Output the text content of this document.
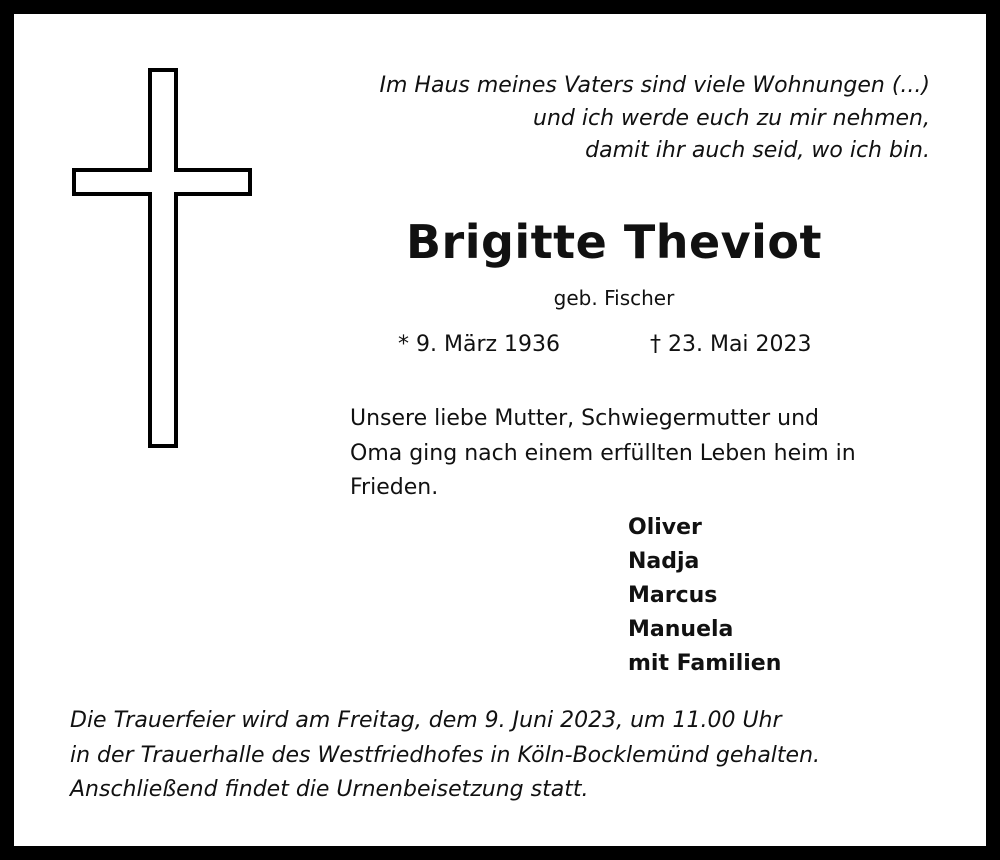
Im Haus meines Vaters sind viele Wohnungen (...)
und ich werde euch zu mir nehmen,
damit ihr auch seid, wo ich bin.
Brigitte Theviot
geb. Fischer
* 9. März 1936	† 23. Mai 2023
Unsere liebe Mutter, Schwiegermutter und
Oma ging nach einem erfüllten Leben heim in
Frieden.
Oliver
Nadja
Marcus
Manuela
mit Familien
Die Trauerfeier wird am Freitag, dem 9. Juni 2023, um 11.00 Uhr
in der Trauerhalle des Westfriedhofes in Köln-Bocklemünd gehalten.
Anschließend findet die Urnenbeisetzung statt.
